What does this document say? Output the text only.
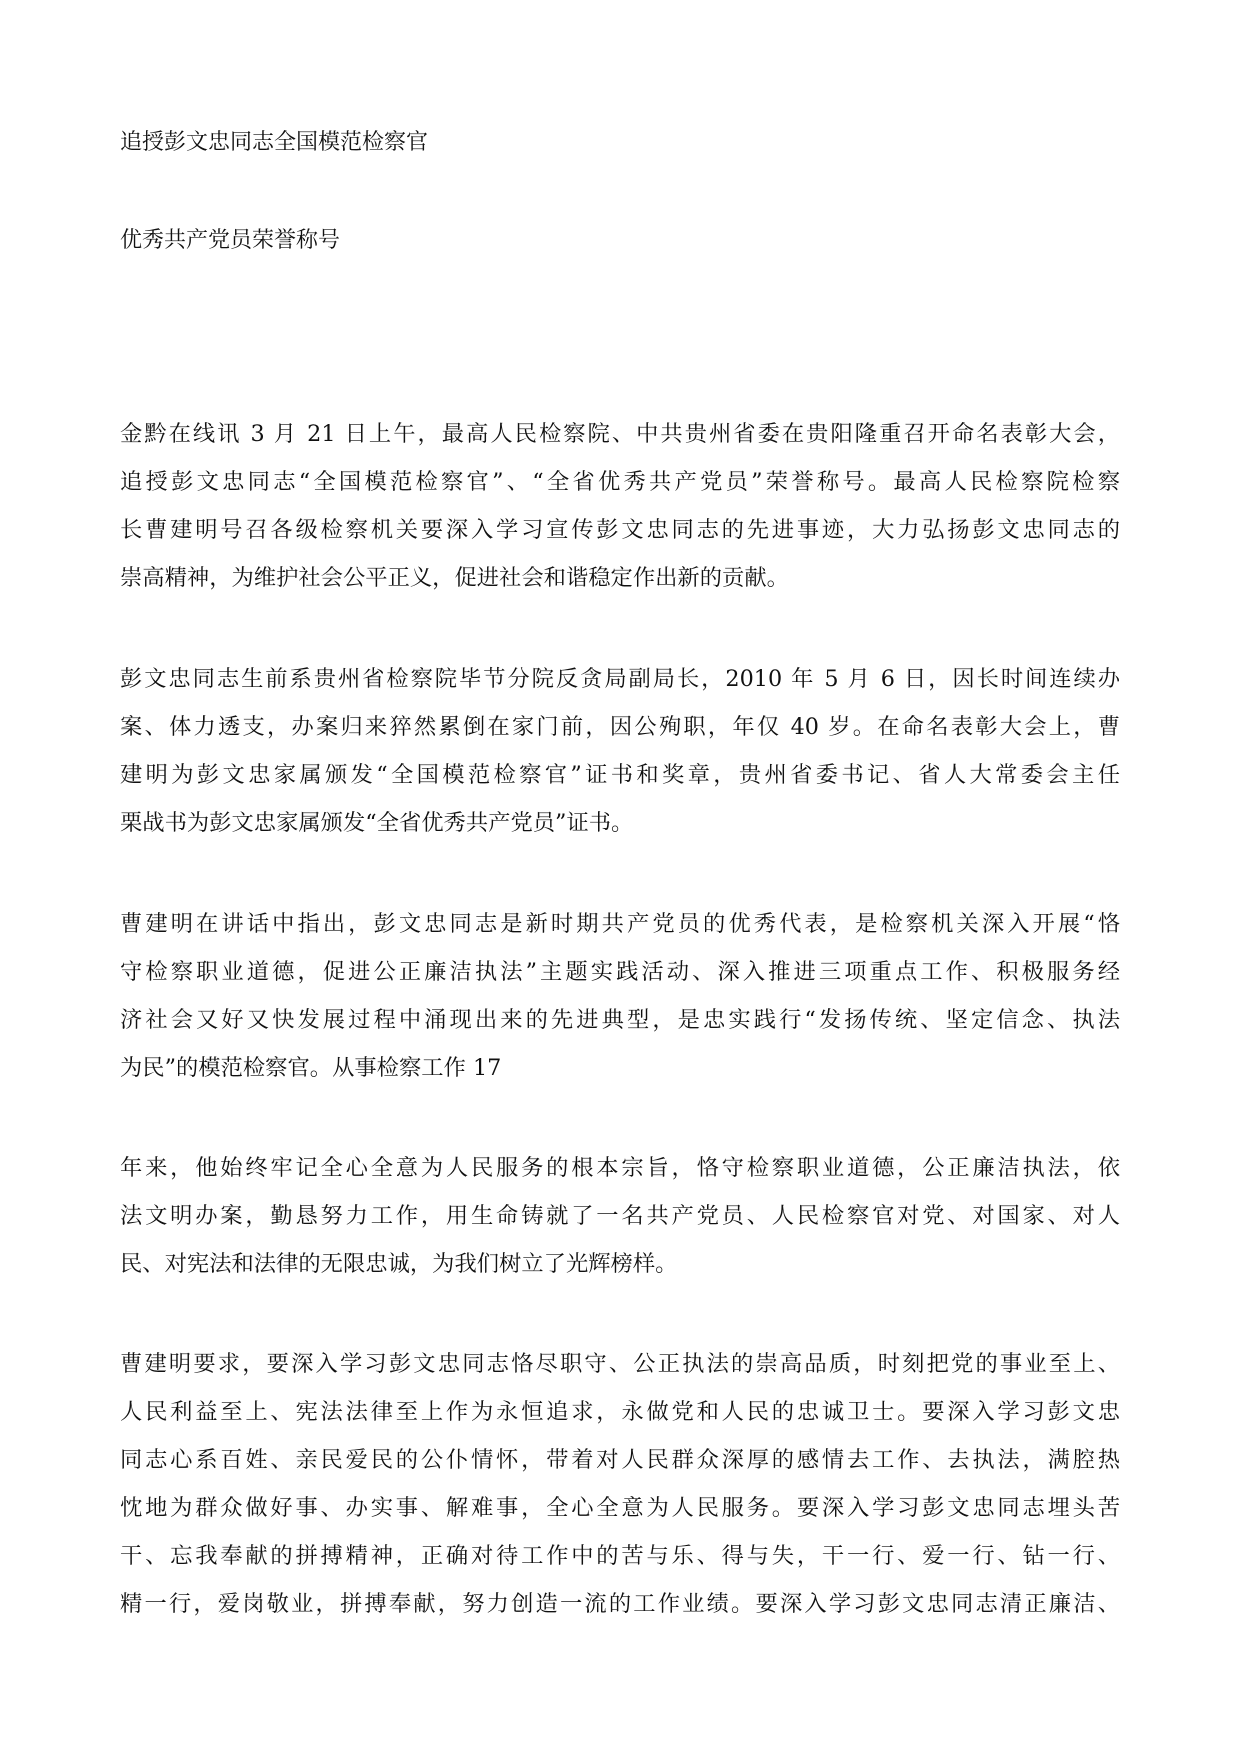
追授彭文忠同志全国模范检察官
优秀共产党员荣誉称号
金黔在线讯 3 月 21 日上午，最高人民检察院、中共贵州省委在贵阳隆重召开命名表彰大会，
追授彭文忠同志“全国模范检察官”、“全省优秀共产党员”荣誉称号。最高人民检察院检察
长曹建明号召各级检察机关要深入学习宣传彭文忠同志的先进事迹，大力弘扬彭文忠同志的
崇高精神，为维护社会公平正义，促进社会和谐稳定作出新的贡献。
彭文忠同志生前系贵州省检察院毕节分院反贪局副局长，2010 年 5 月 6 日，因长时间连续办
案、体力透支，办案归来猝然累倒在家门前，因公殉职，年仅 40 岁。在命名表彰大会上，曹
建明为彭文忠家属颁发“全国模范检察官”证书和奖章，贵州省委书记、省人大常委会主任
栗战书为彭文忠家属颁发“全省优秀共产党员”证书。
曹建明在讲话中指出，彭文忠同志是新时期共产党员的优秀代表，是检察机关深入开展“恪
守检察职业道德，促进公正廉洁执法”主题实践活动、深入推进三项重点工作、积极服务经
济社会又好又快发展过程中涌现出来的先进典型，是忠实践行“发扬传统、坚定信念、执法
为民”的模范检察官。从事检察工作 17
年来，他始终牢记全心全意为人民服务的根本宗旨，恪守检察职业道德，公正廉洁执法，依
法文明办案，勤恳努力工作，用生命铸就了一名共产党员、人民检察官对党、对国家、对人
民、对宪法和法律的无限忠诚，为我们树立了光辉榜样。
曹建明要求，要深入学习彭文忠同志恪尽职守、公正执法的崇高品质，时刻把党的事业至上、
人民利益至上、宪法法律至上作为永恒追求，永做党和人民的忠诚卫士。要深入学习彭文忠
同志心系百姓、亲民爱民的公仆情怀，带着对人民群众深厚的感情去工作、去执法，满腔热
忱地为群众做好事、办实事、解难事，全心全意为人民服务。要深入学习彭文忠同志埋头苦
干、忘我奉献的拼搏精神，正确对待工作中的苦与乐、得与失，干一行、爱一行、钻一行、
精一行，爱岗敬业，拼搏奉献，努力创造一流的工作业绩。要深入学习彭文忠同志清正廉洁、
